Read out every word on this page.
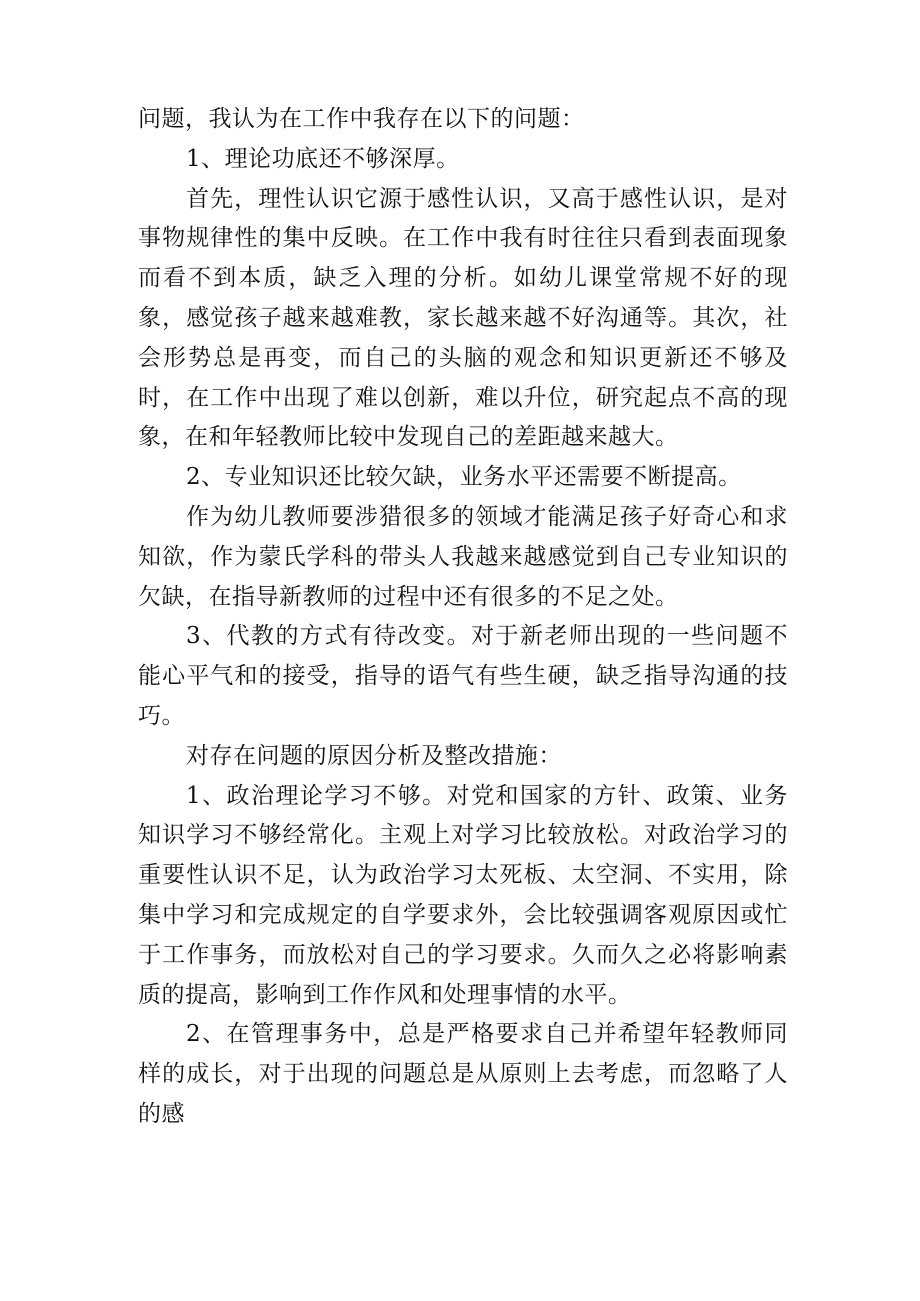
问题，我认为在工作中我存在以下的问题：

1、理论功底还不够深厚。

首先，理性认识它源于感性认识，又高于感性认识，是对事物规律性的集中反映。在工作中我有时往往只看到表面现象而看不到本质，缺乏入理的分析。如幼儿课堂常规不好的现象，感觉孩子越来越难教，家长越来越不好沟通等。其次，社会形势总是再变，而自己的头脑的观念和知识更新还不够及时，在工作中出现了难以创新，难以升位，研究起点不高的现象，在和年轻教师比较中发现自己的差距越来越大。

2、专业知识还比较欠缺，业务水平还需要不断提高。

作为幼儿教师要涉猎很多的领域才能满足孩子好奇心和求知欲，作为蒙氏学科的带头人我越来越感觉到自己专业知识的欠缺，在指导新教师的过程中还有很多的不足之处。

3、代教的方式有待改变。对于新老师出现的一些问题不能心平气和的接受，指导的语气有些生硬，缺乏指导沟通的技巧。

对存在问题的原因分析及整改措施：

1、政治理论学习不够。对党和国家的方针、政策、业务知识学习不够经常化。主观上对学习比较放松。对政治学习的重要性认识不足，认为政治学习太死板、太空洞、不实用，除集中学习和完成规定的自学要求外，会比较强调客观原因或忙于工作事务，而放松对自己的学习要求。久而久之必将影响素质的提高，影响到工作作风和处理事情的水平。

2、在管理事务中，总是严格要求自己并希望年轻教师同样的成长，对于出现的问题总是从原则上去考虑，而忽略了人的感
